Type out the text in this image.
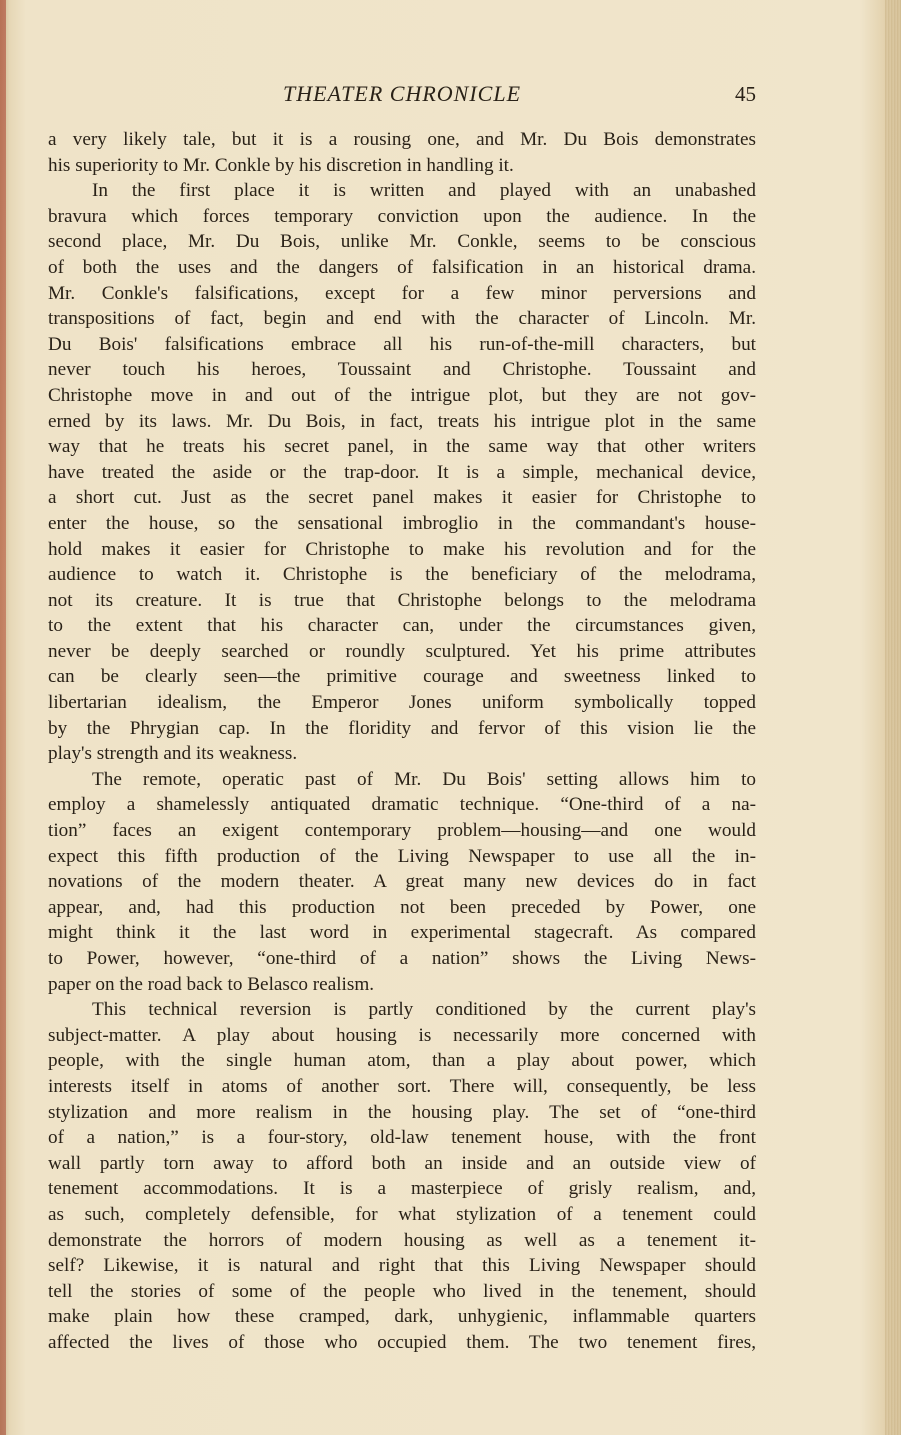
THEATER CHRONICLE	45
a very likely tale, but it is a rousing one, and Mr. Du Bois demonstrates
his superiority to Mr. Conkle by his discretion in handling it.
In the first place it is written and played with an unabashed
bravura which forces temporary conviction upon the audience. In the
second place, Mr. Du Bois, unlike Mr. Conkle, seems to be conscious
of both the uses and the dangers of falsification in an historical drama.
Mr. Conkle's falsifications, except for a few minor perversions and
transpositions of fact, begin and end with the character of Lincoln. Mr.
Du Bois' falsifications embrace all his run-of-the-mill characters, but
never touch his heroes, Toussaint and Christophe. Toussaint and
Christophe move in and out of the intrigue plot, but they are not gov-
erned by its laws. Mr. Du Bois, in fact, treats his intrigue plot in the same
way that he treats his secret panel, in the same way that other writers
have treated the aside or the trap-door. It is a simple, mechanical device,
a short cut. Just as the secret panel makes it easier for Christophe to
enter the house, so the sensational imbroglio in the commandant's house-
hold makes it easier for Christophe to make his revolution and for the
audience to watch it. Christophe is the beneficiary of the melodrama,
not its creature. It is true that Christophe belongs to the melodrama
to the extent that his character can, under the circumstances given,
never be deeply searched or roundly sculptured. Yet his prime attributes
can be clearly seen—the primitive courage and sweetness linked to
libertarian idealism, the Emperor Jones uniform symbolically topped
by the Phrygian cap. In the floridity and fervor of this vision lie the
play's strength and its weakness.
The remote, operatic past of Mr. Du Bois' setting allows him to
employ a shamelessly antiquated dramatic technique. “One-third of a na-
tion” faces an exigent contemporary problem—housing—and one would
expect this fifth production of the Living Newspaper to use all the in-
novations of the modern theater. A great many new devices do in fact
appear, and, had this production not been preceded by Power, one
might think it the last word in experimental stagecraft. As compared
to Power, however, “one-third of a nation” shows the Living News-
paper on the road back to Belasco realism.
This technical reversion is partly conditioned by the current play's
subject-matter. A play about housing is necessarily more concerned with
people, with the single human atom, than a play about power, which
interests itself in atoms of another sort. There will, consequently, be less
stylization and more realism in the housing play. The set of “one-third
of a nation,” is a four-story, old-law tenement house, with the front
wall partly torn away to afford both an inside and an outside view of
tenement accommodations. It is a masterpiece of grisly realism, and,
as such, completely defensible, for what stylization of a tenement could
demonstrate the horrors of modern housing as well as a tenement it-
self? Likewise, it is natural and right that this Living Newspaper should
tell the stories of some of the people who lived in the tenement, should
make plain how these cramped, dark, unhygienic, inflammable quarters
affected the lives of those who occupied them. The two tenement fires,
